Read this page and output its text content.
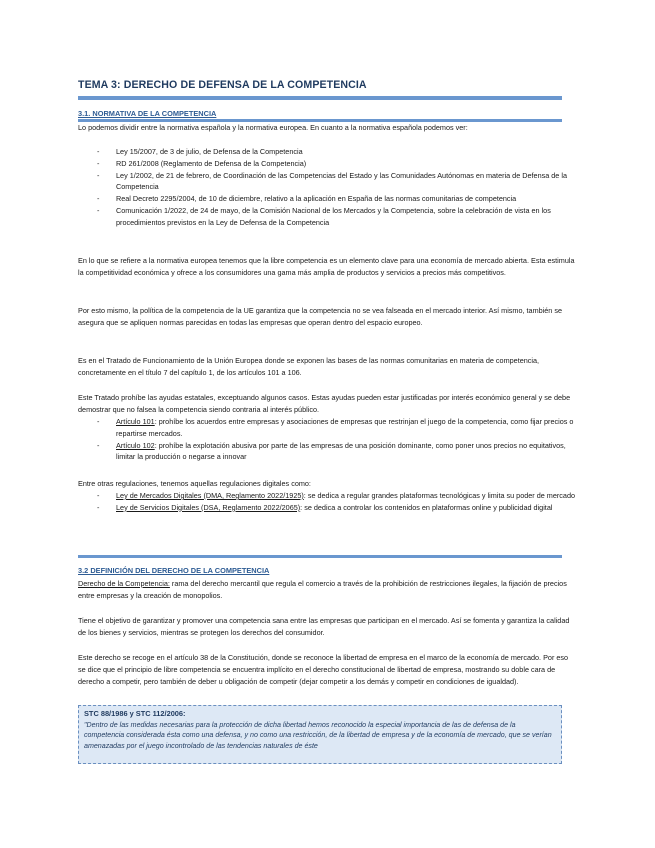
TEMA 3: DERECHO DE DEFENSA DE LA COMPETENCIA
3.1. NORMATIVA DE LA COMPETENCIA

Lo podemos dividir entre la normativa española y la normativa europea. En cuanto a la normativa española podemos ver:

- Ley 15/2007, de 3 de julio, de Defensa de la Competencia
- RD 261/2008 (Reglamento de Defensa de la Competencia)
- Ley 1/2002, de 21 de febrero, de Coordinación de las Competencias del Estado y las Comunidades Autónomas en materia de Defensa de la Competencia
- Real Decreto 2295/2004, de 10 de diciembre, relativo a la aplicación en España de las normas comunitarias de competencia
- Comunicación 1/2022, de 24 de mayo, de la Comisión Nacional de los Mercados y la Competencia, sobre la celebración de vista en los procedimientos previstos en la Ley de Defensa de la Competencia

En lo que se refiere a la normativa europea tenemos que la libre competencia es un elemento clave para una economía de mercado abierta. Esta estimula la competitividad económica y ofrece a los consumidores una gama más amplia de productos y servicios a precios más competitivos.

Por esto mismo, la política de la competencia de la UE garantiza que la competencia no se vea falseada en el mercado interior. Así mismo, también se asegura que se apliquen normas parecidas en todas las empresas que operan dentro del espacio europeo.

Es en el Tratado de Funcionamiento de la Unión Europea donde se exponen las bases de las normas comunitarias en materia de competencia, concretamente en el título 7 del capítulo 1, de los artículos 101 a 106.

Este Tratado prohíbe las ayudas estatales, exceptuando algunos casos. Estas ayudas pueden estar justificadas por interés económico general y se debe demostrar que no falsea la competencia siendo contraria al interés público.

- Artículo 101: prohíbe los acuerdos entre empresas y asociaciones de empresas que restrinjan el juego de la competencia, como fijar precios o repartirse mercados.
- Artículo 102: prohíbe la explotación abusiva por parte de las empresas de una posición dominante, como poner unos precios no equitativos, limitar la producción o negarse a innovar

Entre otras regulaciones, tenemos aquellas regulaciones digitales como:

- Ley de Mercados Digitales (DMA, Reglamento 2022/1925): se dedica a regular grandes plataformas tecnológicas y limita su poder de mercado
- Ley de Servicios Digitales (DSA, Reglamento 2022/2065): se dedica a controlar los contenidos en plataformas online y publicidad digital
3.2 DEFINICIÓN DEL DERECHO DE LA COMPETENCIA

Derecho de la Competencia: rama del derecho mercantil que regula el comercio a través de la prohibición de restricciones ilegales, la fijación de precios entre empresas y la creación de monopolios.

Tiene el objetivo de garantizar y promover una competencia sana entre las empresas que participan en el mercado. Así se fomenta y garantiza la calidad de los bienes y servicios, mientras se protegen los derechos del consumidor.

Este derecho se recoge en el artículo 38 de la Constitución, donde se reconoce la libertad de empresa en el marco de la economía de mercado. Por eso se dice que el principio de libre competencia se encuentra implícito en el derecho constitucional de libertad de empresa, mostrando su doble cara de derecho a competir, pero también de deber u obligación de competir (dejar competir a los demás y competir en condiciones de igualdad).

STC 88/1986 y STC 112/2006:
"Dentro de las medidas necesarias para la protección de dicha libertad hemos reconocido la especial importancia de las de defensa de la competencia considerada ésta como una defensa, y no como una restricción, de la libertad de empresa y de la economía de mercado, que se verían amenazadas por el juego incontrolado de las tendencias naturales de éste
